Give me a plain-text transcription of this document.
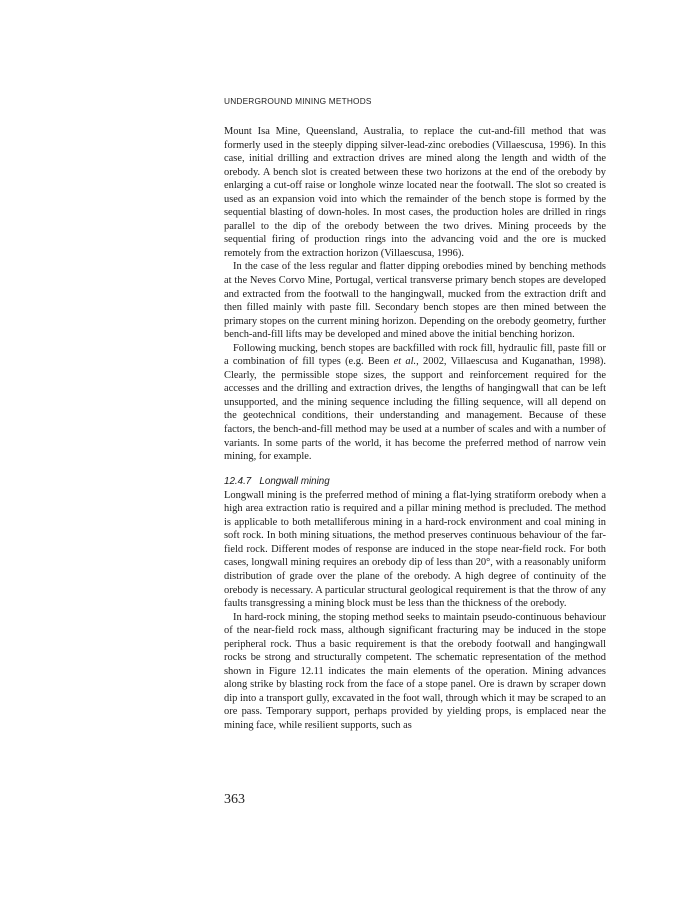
UNDERGROUND MINING METHODS

Mount Isa Mine, Queensland, Australia, to replace the cut-and-fill method that was formerly used in the steeply dipping silver-lead-zinc orebodies (Villaescusa, 1996). In this case, initial drilling and extraction drives are mined along the length and width of the orebody. A bench slot is created between these two horizons at the end of the orebody by enlarging a cut-off raise or longhole winze located near the footwall. The slot so created is used as an expansion void into which the remainder of the bench stope is formed by the sequential blasting of down-holes. In most cases, the production holes are drilled in rings parallel to the dip of the orebody between the two drives. Mining proceeds by the sequential firing of production rings into the advancing void and the ore is mucked remotely from the extraction horizon (Villaescusa, 1996).

In the case of the less regular and flatter dipping orebodies mined by benching methods at the Neves Corvo Mine, Portugal, vertical transverse primary bench stopes are developed and extracted from the footwall to the hangingwall, mucked from the extraction drift and then filled mainly with paste fill. Secondary bench stopes are then mined between the primary stopes on the current mining horizon. Depending on the orebody geometry, further bench-and-fill lifts may be developed and mined above the initial benching horizon.

Following mucking, bench stopes are backfilled with rock fill, hydraulic fill, paste fill or a combination of fill types (e.g. Been et al., 2002, Villaescusa and Kuganathan, 1998). Clearly, the permissible stope sizes, the support and reinforcement required for the accesses and the drilling and extraction drives, the lengths of hangingwall that can be left unsupported, and the mining sequence including the filling sequence, will all depend on the geotechnical conditions, their understanding and management. Because of these factors, the bench-and-fill method may be used at a number of scales and with a number of variants. In some parts of the world, it has become the preferred method of narrow vein mining, for example.

12.4.7 Longwall mining

Longwall mining is the preferred method of mining a flat-lying stratiform orebody when a high area extraction ratio is required and a pillar mining method is precluded. The method is applicable to both metalliferous mining in a hard-rock environment and coal mining in soft rock. In both mining situations, the method preserves continuous behaviour of the far-field rock. Different modes of response are induced in the stope near-field rock. For both cases, longwall mining requires an orebody dip of less than 20°, with a reasonably uniform distribution of grade over the plane of the orebody. A high degree of continuity of the orebody is necessary. A particular structural geological requirement is that the throw of any faults transgressing a mining block must be less than the thickness of the orebody.

In hard-rock mining, the stoping method seeks to maintain pseudo-continuous behaviour of the near-field rock mass, although significant fracturing may be induced in the stope peripheral rock. Thus a basic requirement is that the orebody footwall and hangingwall rocks be strong and structurally competent. The schematic representation of the method shown in Figure 12.11 indicates the main elements of the operation. Mining advances along strike by blasting rock from the face of a stope panel. Ore is drawn by scraper down dip into a transport gully, excavated in the foot wall, through which it may be scraped to an ore pass. Temporary support, perhaps provided by yielding props, is emplaced near the mining face, while resilient supports, such as

363
